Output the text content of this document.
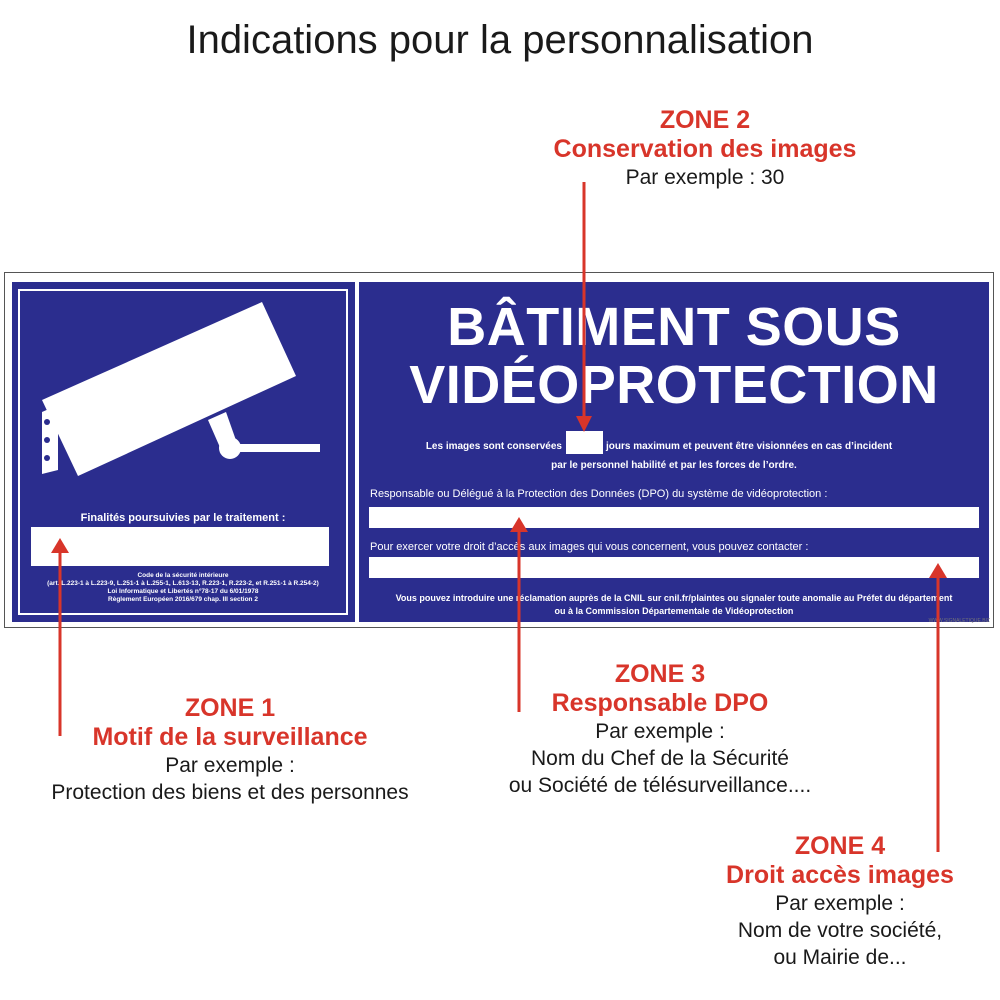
Indications pour la personnalisation
ZONE 2
Conservation des images
Par exemple : 30
Finalités poursuivies par le traitement :
Code de la sécurité intérieure
(art. L.223-1 à L.223-9, L.251-1 à L.255-1, L.613-13, R.223-1, R.223-2, et R.251-1 à R.254-2)
Loi Informatique et Libertés n°78-17 du 6/01/1978
Règlement Européen 2016/679 chap. III section 2
BÂTIMENT SOUS
VIDÉOPROTECTION
Les images sont conservées	jours maximum et peuvent être visionnées en cas d’incident
par le personnel habilité et par les forces de l’ordre.
Responsable ou Délégué à la Protection des Données (DPO) du système de vidéoprotection :
Pour exercer votre droit d’accès aux images qui vous concernent, vous pouvez contacter :
Vous pouvez introduire une réclamation auprès de la CNIL sur cnil.fr/plaintes ou signaler toute anomalie au Préfet du département
ou à la Commission Départementale de Vidéoprotection
WWW.SIGNALETIQUE.BIZ
ZONE 1
Motif de la surveillance
Par exemple :
Protection des biens et des personnes
ZONE 3
Responsable DPO
Par exemple :
Nom du Chef de la Sécurité
ou Société de télésurveillance....
ZONE 4
Droit accès images
Par exemple :
Nom de votre société,
ou Mairie de...
